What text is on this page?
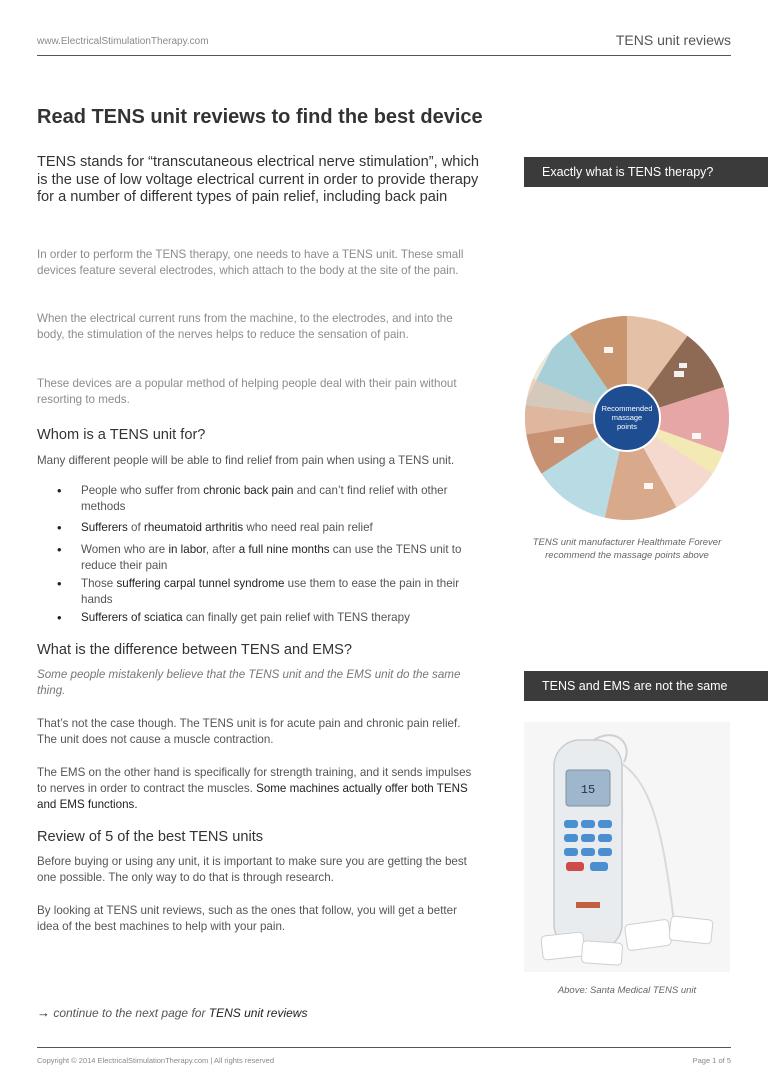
www.ElectricalStimulationTherapy.com	TENS unit reviews
Read TENS unit reviews to find the best device

TENS stands for “transcutaneous electrical nerve stimulation”, which is the use of low voltage electrical current in order to provide therapy for a number of different types of pain relief, including back pain

In order to perform the TENS therapy, one needs to have a TENS unit. These small devices feature several electrodes, which attach to the body at the site of the pain.

When the electrical current runs from the machine, to the electrodes, and into the body, the stimulation of the nerves helps to reduce the sensation of pain.

These devices are a popular method of helping people deal with their pain without resorting to meds.

Whom is a TENS unit for?

Many different people will be able to find relief from pain when using a TENS unit.

• People who suffer from chronic back pain and can’t find relief with other methods
• Sufferers of rheumatoid arthritis who need real pain relief
• Women who are in labor, after a full nine months can use the TENS unit to reduce their pain
• Those suffering carpal tunnel syndrome use them to ease the pain in their hands
• Sufferers of sciatica can finally get pain relief with TENS therapy
What is the difference between TENS and EMS?

Some people mistakenly believe that the TENS unit and the EMS unit do the same thing.

That’s not the case though. The TENS unit is for acute pain and chronic pain relief. The unit does not cause a muscle contraction.

The EMS on the other hand is specifically for strength training, and it sends impulses to nerves in order to contract the muscles. Some machines actually offer both TENS and EMS functions.

Review of 5 of the best TENS units

Before buying or using any unit, it is important to make sure you are getting the best one possible. The only way to do that is through research.

By looking at TENS unit reviews, such as the ones that follow, you will get a better idea of the best machines to help with your pain.

→ continue to the next page for TENS unit reviews
Exactly what is TENS therapy?
Recommended
massage
points
TENS unit manufacturer Healthmate Forever recommend the massage points above
TENS and EMS are not the same
15
Above: Santa Medical TENS unit
Copyright © 2014 ElectricalStimulationTherapy.com | All rights reserved	Page 1 of 5
